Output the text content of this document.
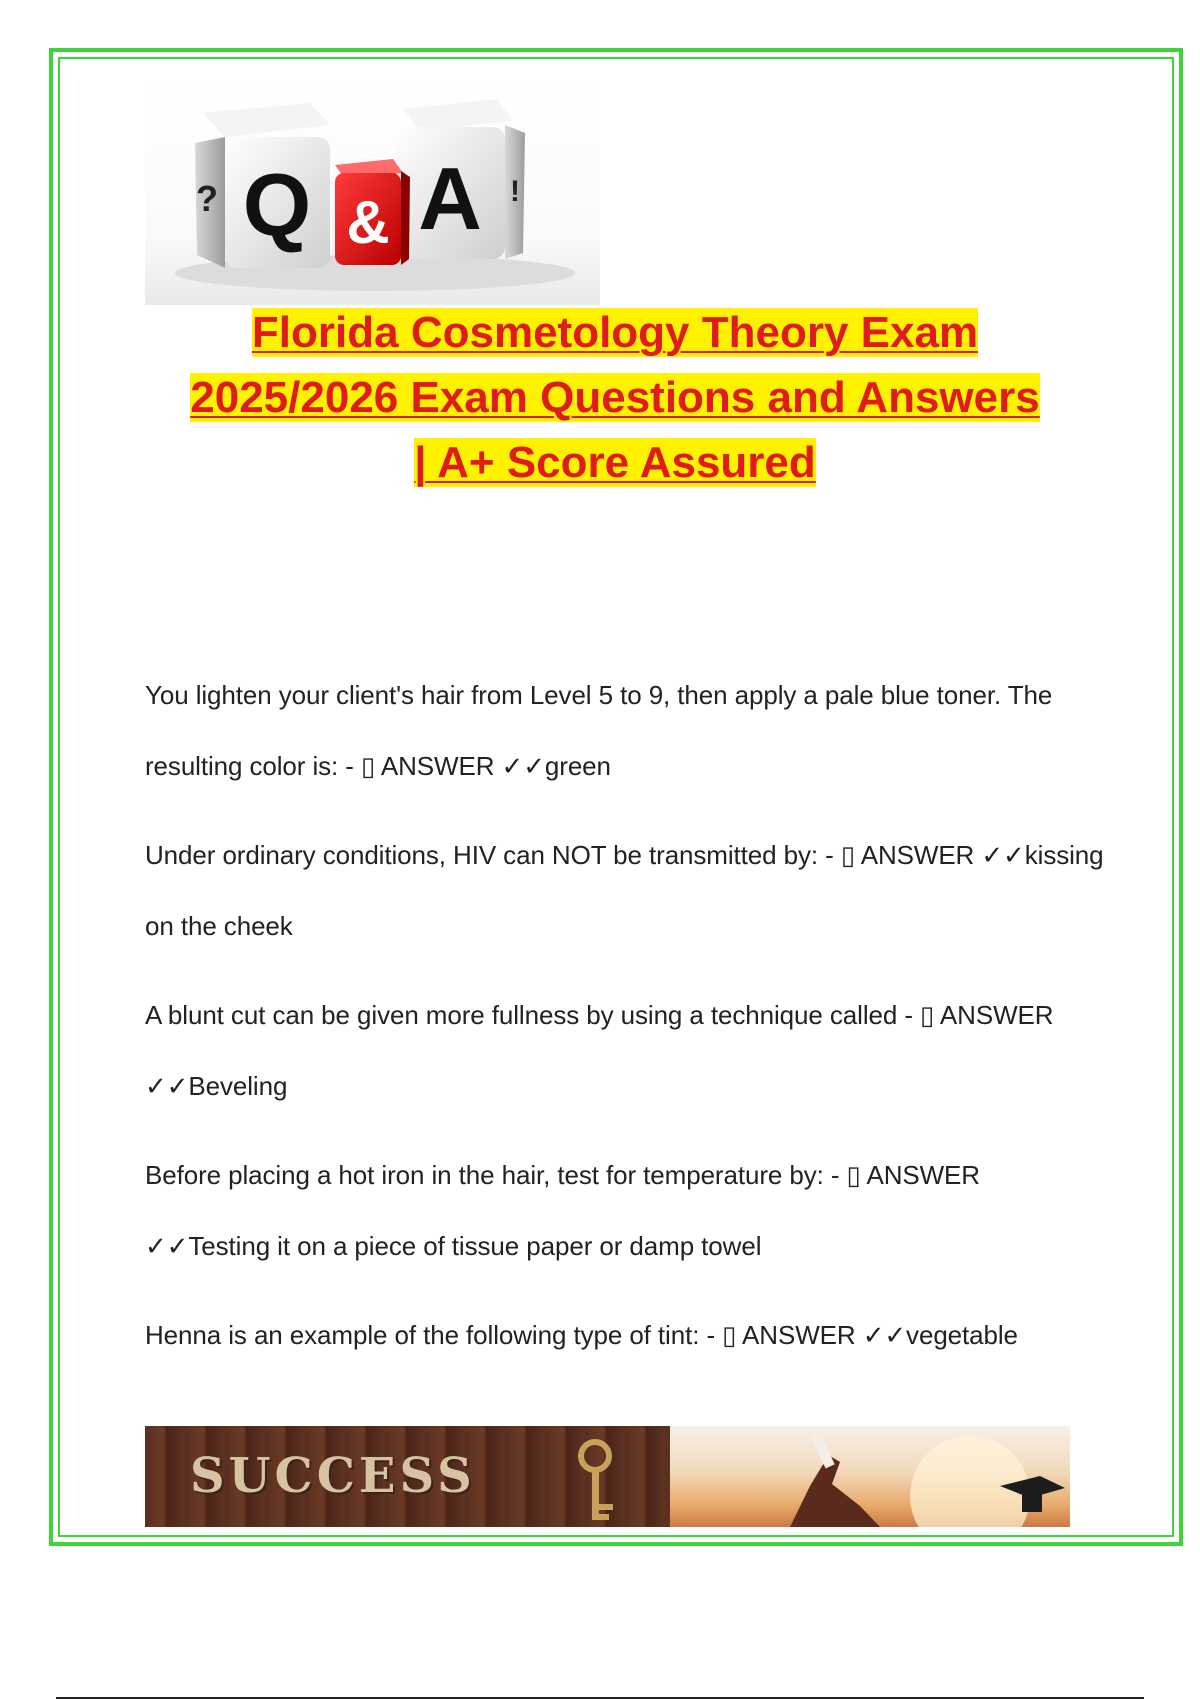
Q
? A !
&
Florida Cosmetology Theory Exam
2025/2026 Exam Questions and Answers
| A+ Score Assured
You lighten your client's hair from Level 5 to 9, then apply a pale blue toner. The resulting color is: - ▯ ANSWER ✓✓green
Under ordinary conditions, HIV can NOT be transmitted by: - ▯ ANSWER ✓✓kissing on the cheek
A blunt cut can be given more fullness by using a technique called - ▯ ANSWER ✓✓Beveling
Before placing a hot iron in the hair, test for temperature by: - ▯ ANSWER ✓✓Testing it on a piece of tissue paper or damp towel
Henna is an example of the following type of tint: - ▯ ANSWER ✓✓vegetable
SUCCESS
